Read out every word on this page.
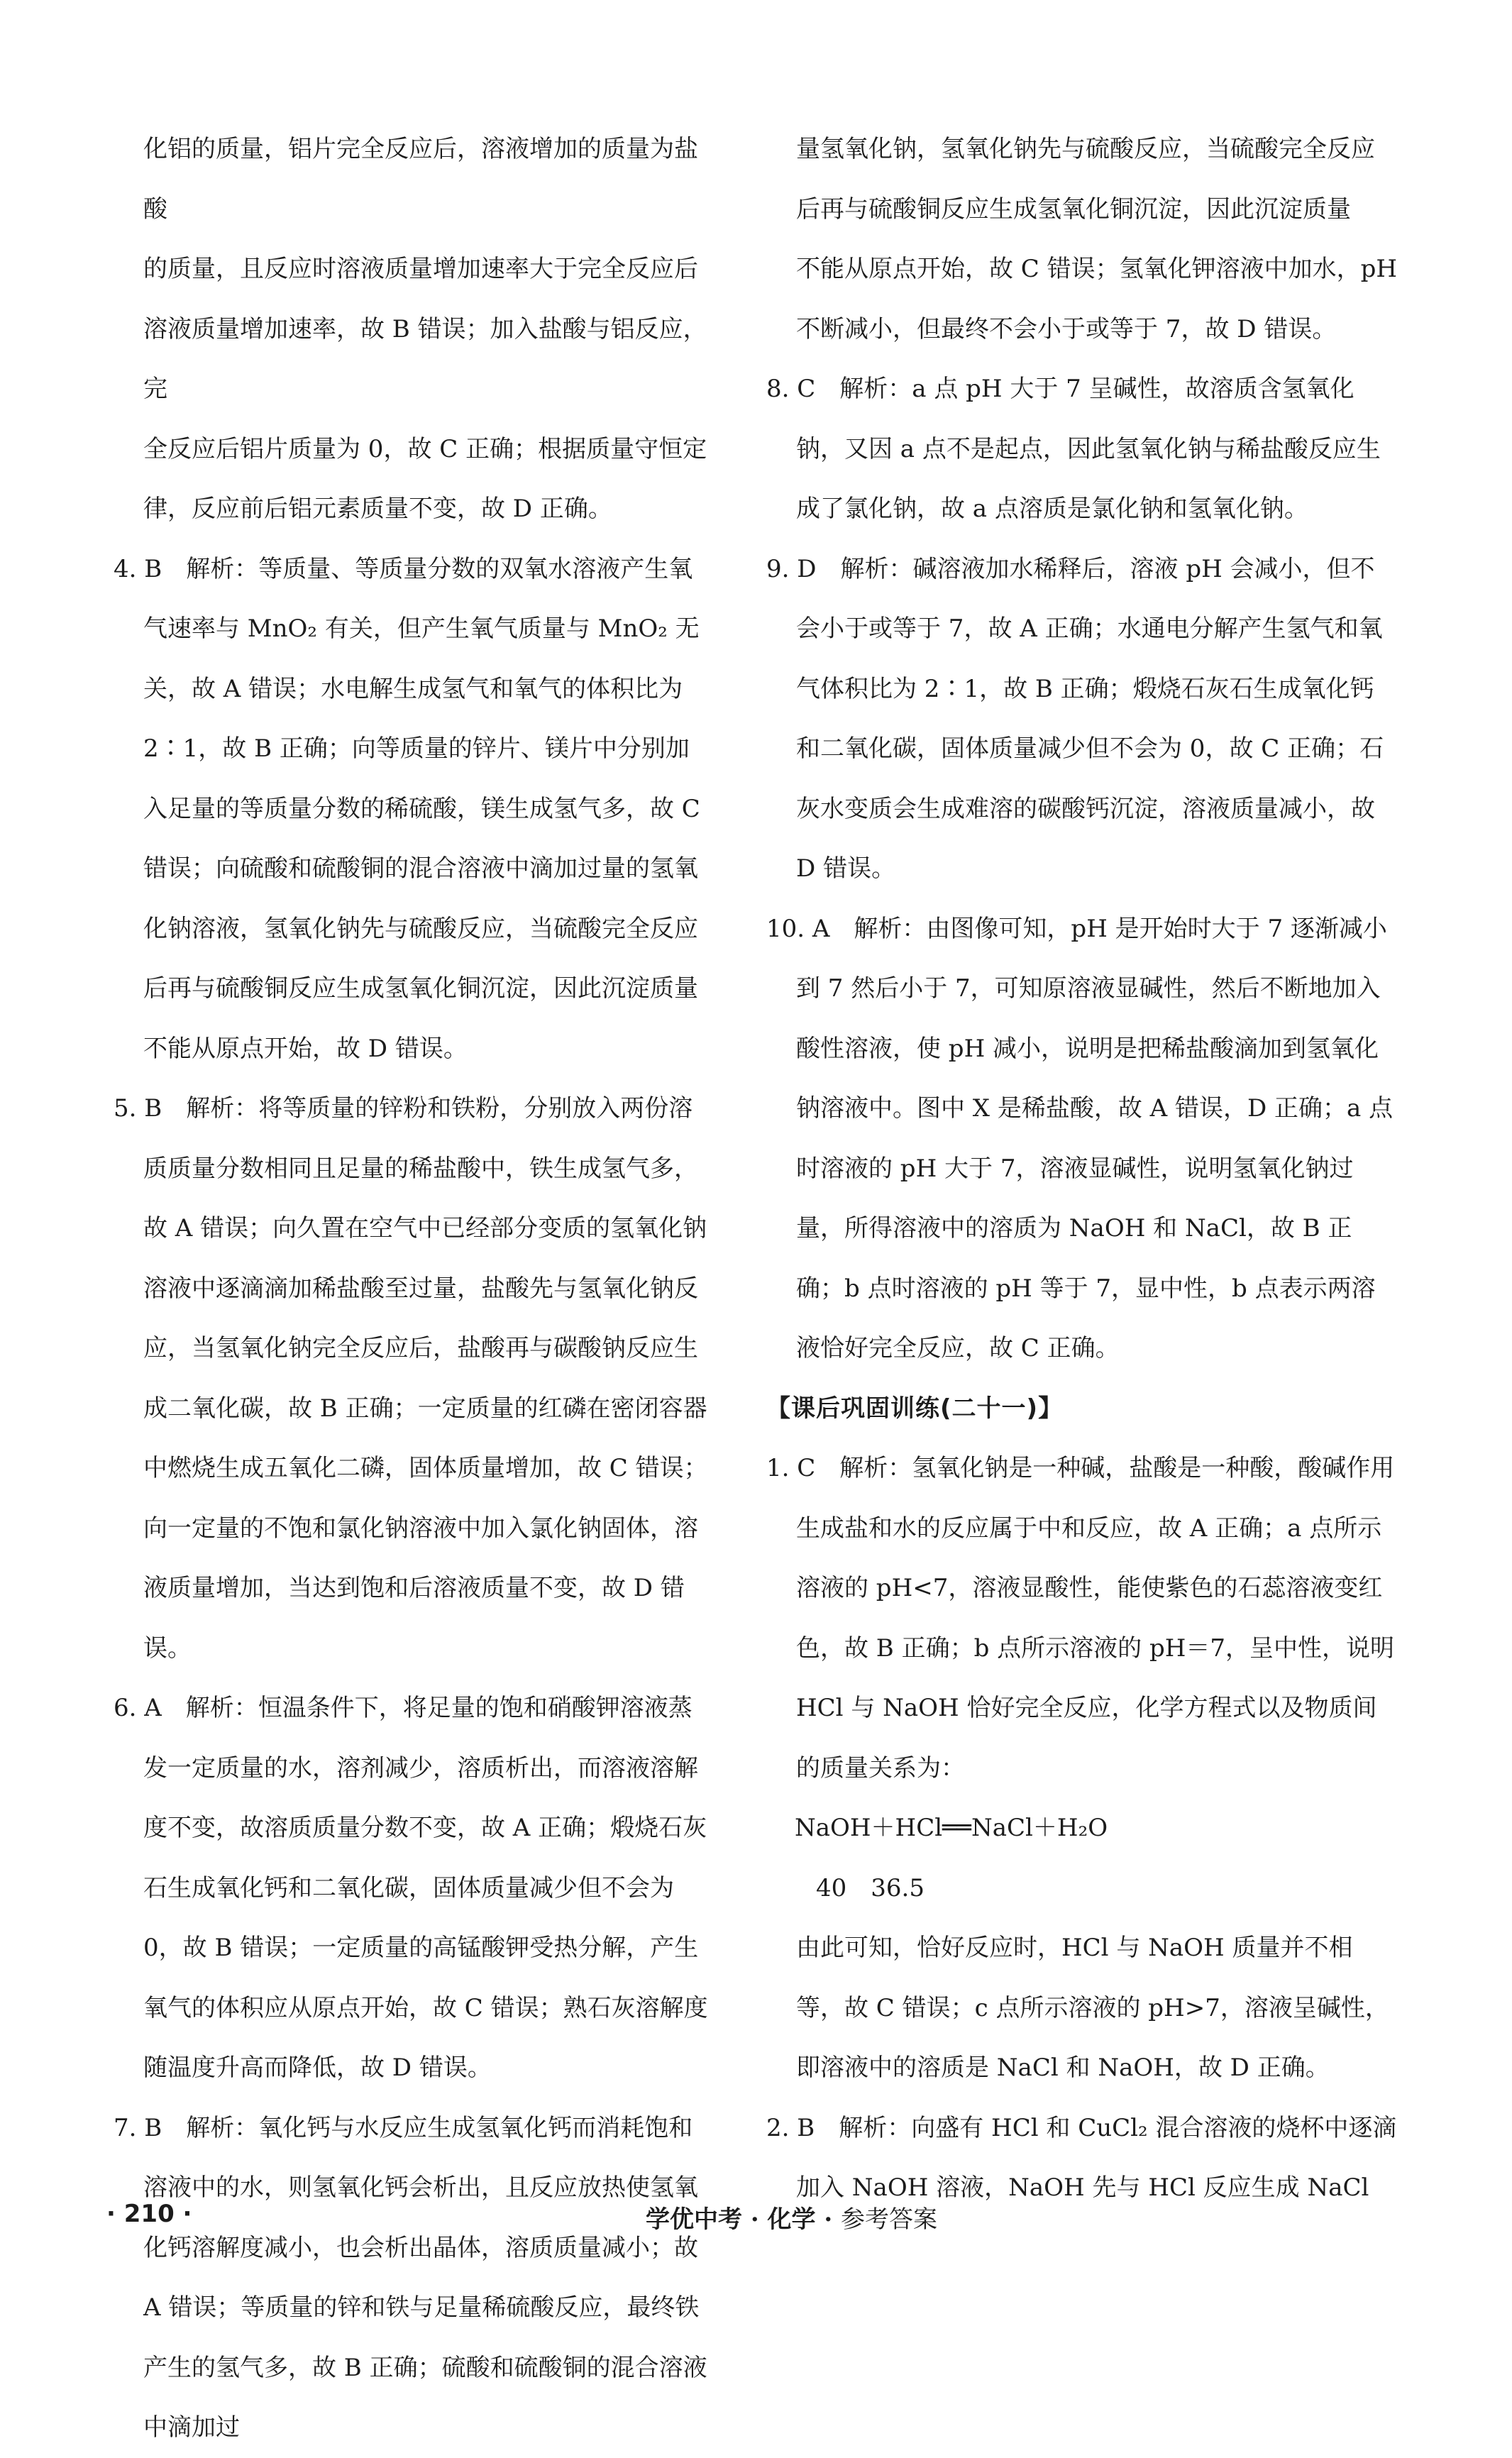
化铝的质量，铝片完全反应后，溶液增加的质量为盐酸

的质量，且反应时溶液质量增加速率大于完全反应后

溶液质量增加速率，故 B 错误；加入盐酸与铝反应，完

全反应后铝片质量为 0，故 C 正确；根据质量守恒定

律，反应前后铝元素质量不变，故 D 正确。

4. B　解析：等质量、等质量分数的双氧水溶液产生氧气速率与 MnO₂ 有关，但产生氧气质量与 MnO₂ 无关，故 A 错误；水电解生成氢气和氧气的体积比为2∶1，故 B 正确；向等质量的锌片、镁片中分别加入足量的等质量分数的稀硫酸，镁生成氢气多，故 C 错误；向硫酸和硫酸铜的混合溶液中滴加过量的氢氧化钠溶液，氢氧化钠先与硫酸反应，当硫酸完全反应后再与硫酸铜反应生成氢氧化铜沉淀，因此沉淀质量不能从原点开始，故 D 错误。

5. B　解析：将等质量的锌粉和铁粉，分别放入两份溶质质量分数相同且足量的稀盐酸中，铁生成氢气多，故 A 错误；向久置在空气中已经部分变质的氢氧化钠溶液中逐滴滴加稀盐酸至过量，盐酸先与氢氧化钠反应，当氢氧化钠完全反应后，盐酸再与碳酸钠反应生成二氧化碳，故 B 正确；一定质量的红磷在密闭容器中燃烧生成五氧化二磷，固体质量增加，故 C 错误；向一定量的不饱和氯化钠溶液中加入氯化钠固体，溶液质量增加，当达到饱和后溶液质量不变，故 D 错误。

6. A　解析：恒温条件下，将足量的饱和硝酸钾溶液蒸发一定质量的水，溶剂减少，溶质析出，而溶液溶解度不变，故溶质质量分数不变，故 A 正确；煅烧石灰石生成氧化钙和二氧化碳，固体质量减少但不会为 0，故 B 错误；一定质量的高锰酸钾受热分解，产生氧气的体积应从原点开始，故 C 错误；熟石灰溶解度随温度升高而降低，故 D 错误。

7. B　解析：氧化钙与水反应生成氢氧化钙而消耗饱和溶液中的水，则氢氧化钙会析出，且反应放热使氢氧化钙溶解度减小，也会析出晶体，溶质质量减小；故 A 错误；等质量的锌和铁与足量稀硫酸反应，最终铁产生的氢气多，故 B 正确；硫酸和硫酸铜的混合溶液中滴加过

量氢氧化钠，氢氧化钠先与硫酸反应，当硫酸完全反应

后再与硫酸铜反应生成氢氧化铜沉淀，因此沉淀质量

不能从原点开始，故 C 错误；氢氧化钾溶液中加水，pH

不断减小，但最终不会小于或等于 7，故 D 错误。

8. C　解析：a 点 pH 大于 7 呈碱性，故溶质含氢氧化钠，又因 a 点不是起点，因此氢氧化钠与稀盐酸反应生成了氯化钠，故 a 点溶质是氯化钠和氢氧化钠。

9. D　解析：碱溶液加水稀释后，溶液 pH 会减小，但不会小于或等于 7，故 A 正确；水通电分解产生氢气和氧气体积比为 2∶1，故 B 正确；煅烧石灰石生成氧化钙和二氧化碳，固体质量减少但不会为 0，故 C 正确；石灰水变质会生成难溶的碳酸钙沉淀，溶液质量减小，故 D 错误。

10. A　解析：由图像可知，pH 是开始时大于 7 逐渐减小到 7 然后小于 7，可知原溶液显碱性，然后不断地加入酸性溶液，使 pH 减小，说明是把稀盐酸滴加到氢氧化钠溶液中。图中 X 是稀盐酸，故 A 错误，D 正确；a 点时溶液的 pH 大于 7，溶液显碱性，说明氢氧化钠过量，所得溶液中的溶质为 NaOH 和 NaCl，故 B 正确；b 点时溶液的 pH 等于 7，显中性，b 点表示两溶液恰好完全反应，故 C 正确。

【课后巩固训练(二十一)】

1. C　解析：氢氧化钠是一种碱，盐酸是一种酸，酸碱作用生成盐和水的反应属于中和反应，故 A 正确；a 点所示溶液的 pH<7，溶液显酸性，能使紫色的石蕊溶液变红色，故 B 正确；b 点所示溶液的 pH＝7，呈中性，说明 HCl 与 NaOH 恰好完全反应，化学方程式以及物质间的质量关系为：

NaOH＋HCl══NaCl＋H₂O

40　36.5

由此可知，恰好反应时，HCl 与 NaOH 质量并不相等，故 C 错误；c 点所示溶液的 pH>7，溶液呈碱性，即溶液中的溶质是 NaCl 和 NaOH，故 D 正确。

2. B　解析：向盛有 HCl 和 CuCl₂ 混合溶液的烧杯中逐滴加入 NaOH 溶液，NaOH 先与 HCl 反应生成 NaCl

· 210 ·	学优中考 · 化学 · 参考答案
